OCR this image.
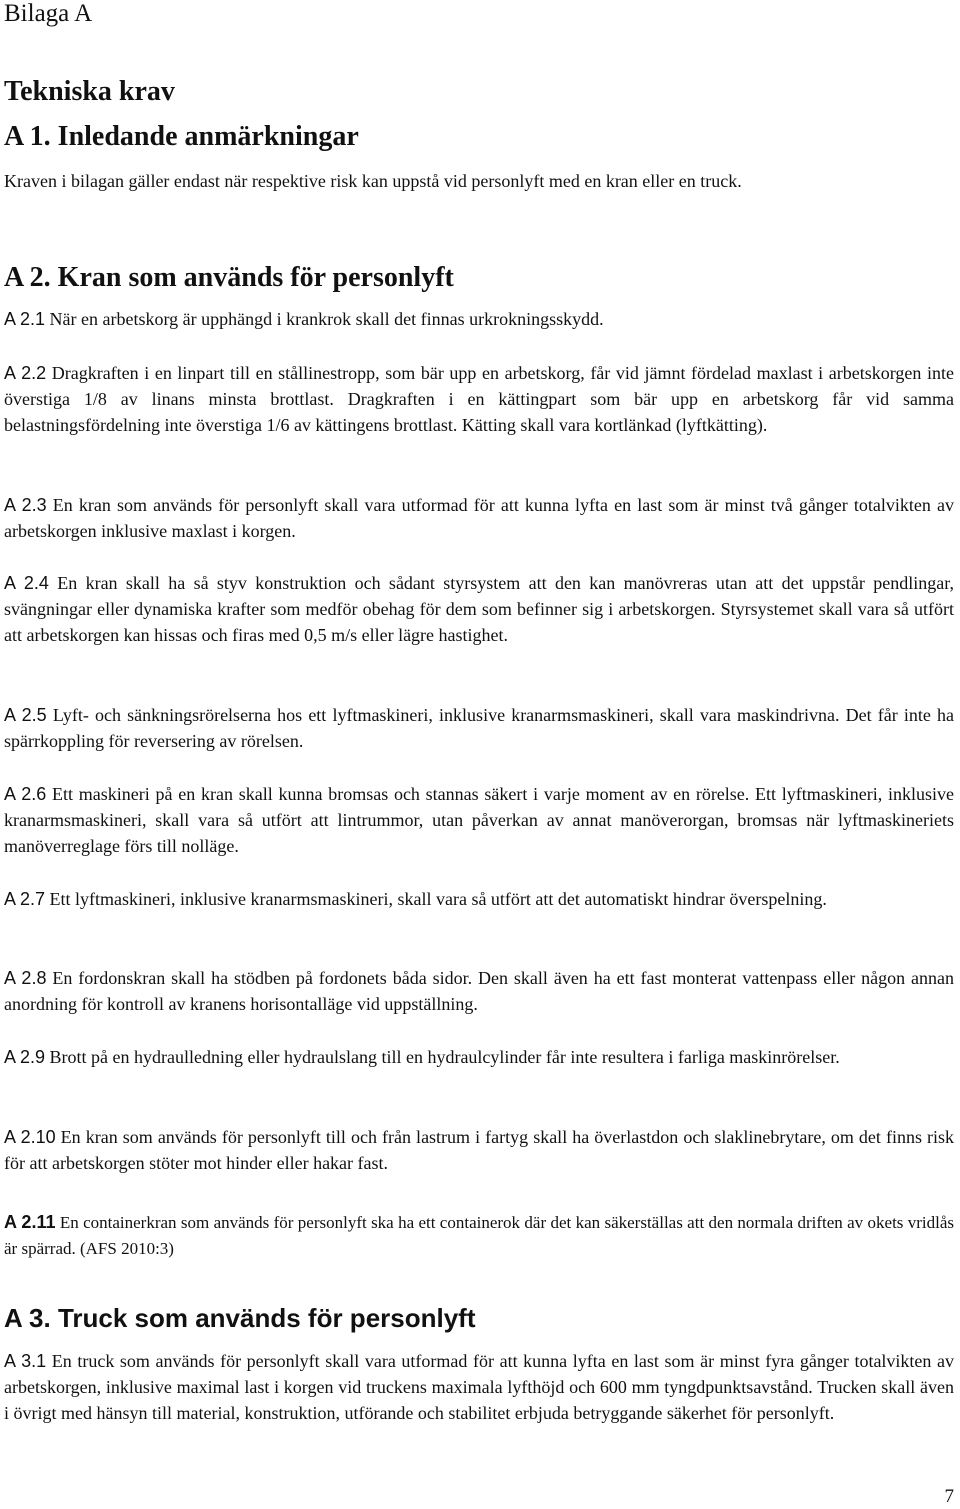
Bilaga A
Tekniska krav
A 1. Inledande anmärkningar

Kraven i bilagan gäller endast när respektive risk kan uppstå vid personlyft med en kran eller en truck.

A 2. Kran som används för personlyft

A 2.1 När en arbetskorg är upphängd i krankrok skall det finnas urkrokningsskydd.

A 2.2 Dragkraften i en linpart till en stållinestropp, som bär upp en arbetskorg, får vid jämnt fördelad maxlast i arbetskorgen inte överstiga 1/8 av linans minsta brottlast. Dragkraften i en kättingpart som bär upp en arbetskorg får vid samma belastningsfördelning inte överstiga 1/6 av kättingens brottlast. Kätting skall vara kortlänkad (lyftkätting).

A 2.3 En kran som används för personlyft skall vara utformad för att kunna lyfta en last som är minst två gånger totalvikten av arbetskorgen inklusive maxlast i korgen.

A 2.4 En kran skall ha så styv konstruktion och sådant styrsystem att den kan manövreras utan att det uppstår pendlingar, svängningar eller dynamiska krafter som medför obehag för dem som befinner sig i arbetskorgen. Styrsystemet skall vara så utfört att arbetskorgen kan hissas och firas med 0,5 m/s eller lägre hastighet.

A 2.5 Lyft- och sänkningsrörelserna hos ett lyftmaskineri, inklusive kranarmsmaskineri, skall vara maskindrivna. Det får inte ha spärrkoppling för reversering av rörelsen.

A 2.6 Ett maskineri på en kran skall kunna bromsas och stannas säkert i varje moment av en rörelse. Ett lyftmaskineri, inklusive kranarmsmaskineri, skall vara så utfört att lintrummor, utan påverkan av annat manöverorgan, bromsas när lyftmaskineriets manöverreglage förs till nolläge.

A 2.7 Ett lyftmaskineri, inklusive kranarmsmaskineri, skall vara så utfört att det automatiskt hindrar överspelning.

A 2.8 En fordonskran skall ha stödben på fordonets båda sidor. Den skall även ha ett fast monterat vattenpass eller någon annan anordning för kontroll av kranens horisontalläge vid uppställning.

A 2.9 Brott på en hydraulledning eller hydraulslang till en hydraulcylinder får inte resultera i farliga maskinrörelser.

A 2.10 En kran som används för personlyft till och från lastrum i fartyg skall ha överlastdon och slaklinebrytare, om det finns risk för att arbetskorgen stöter mot hinder eller hakar fast.

A 2.11 En containerkran som används för personlyft ska ha ett containerok där det kan säkerställas att den normala driften av okets vridlås är spärrad. (AFS 2010:3)

A 3. Truck som används för personlyft

A 3.1 En truck som används för personlyft skall vara utformad för att kunna lyfta en last som är minst fyra gånger totalvikten av arbetskorgen, inklusive maximal last i korgen vid truckens maximala lyfthöjd och 600 mm tyngdpunktsavstånd. Trucken skall även i övrigt med hänsyn till material, konstruktion, utförande och stabilitet erbjuda betryggande säkerhet för personlyft.

7
